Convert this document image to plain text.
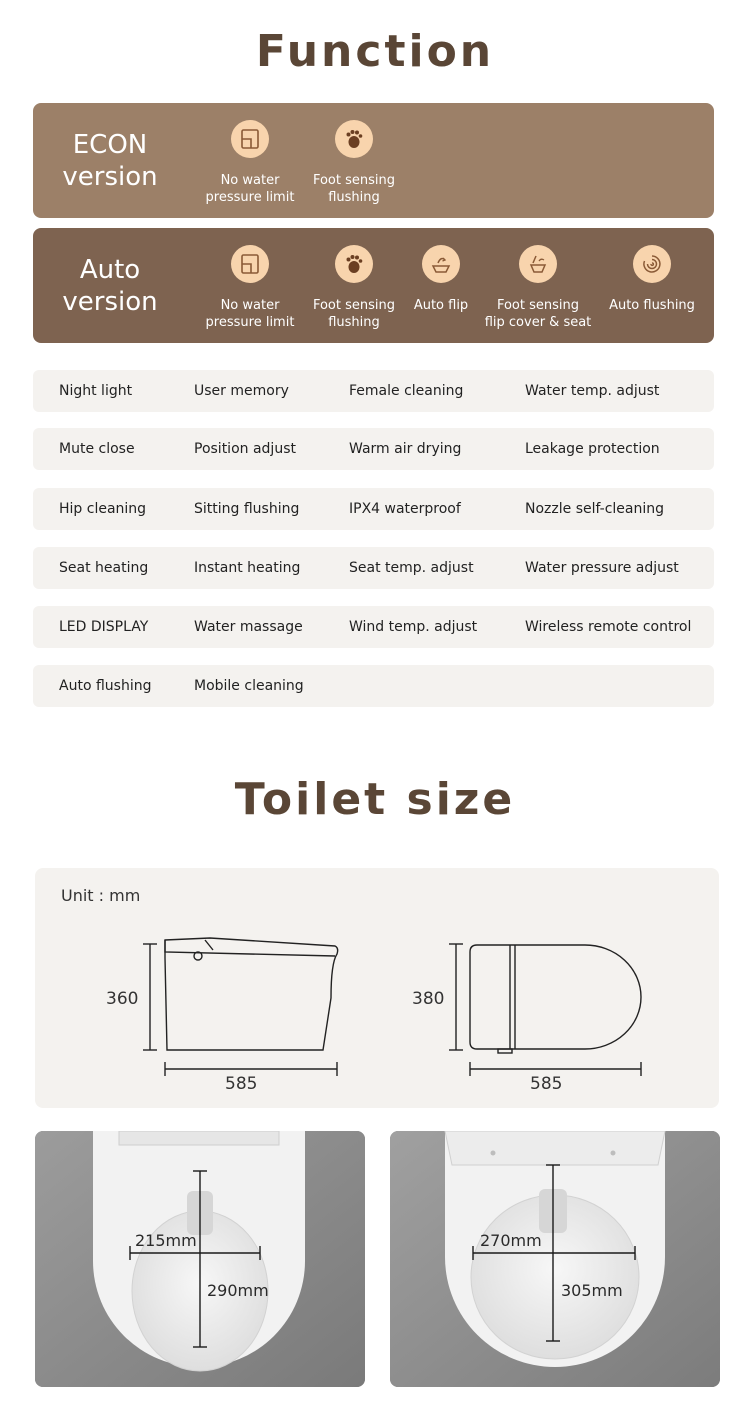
Function
ECON
version	No water
pressure limit
Foot sensing
flushing
Auto
version	No water
pressure limit
Foot sensing
flushing
Auto flip	Foot sensing
flip cover & seat
Auto flushing
Night light	User memory	Female cleaning	Water temp. adjust
Mute close	Position adjust	Warm air drying	Leakage protection
Hip cleaning	Sitting flushing	IPX4 waterproof	Nozzle self-cleaning
Seat heating	Instant heating	Seat temp. adjust	Water pressure adjust
LED DISPLAY	Water massage	Wind temp. adjust	Wireless remote control
Auto flushing	Mobile cleaning
Toilet size
Unit : mm
360
585
380
585
215mm
290mm
270mm
305mm
